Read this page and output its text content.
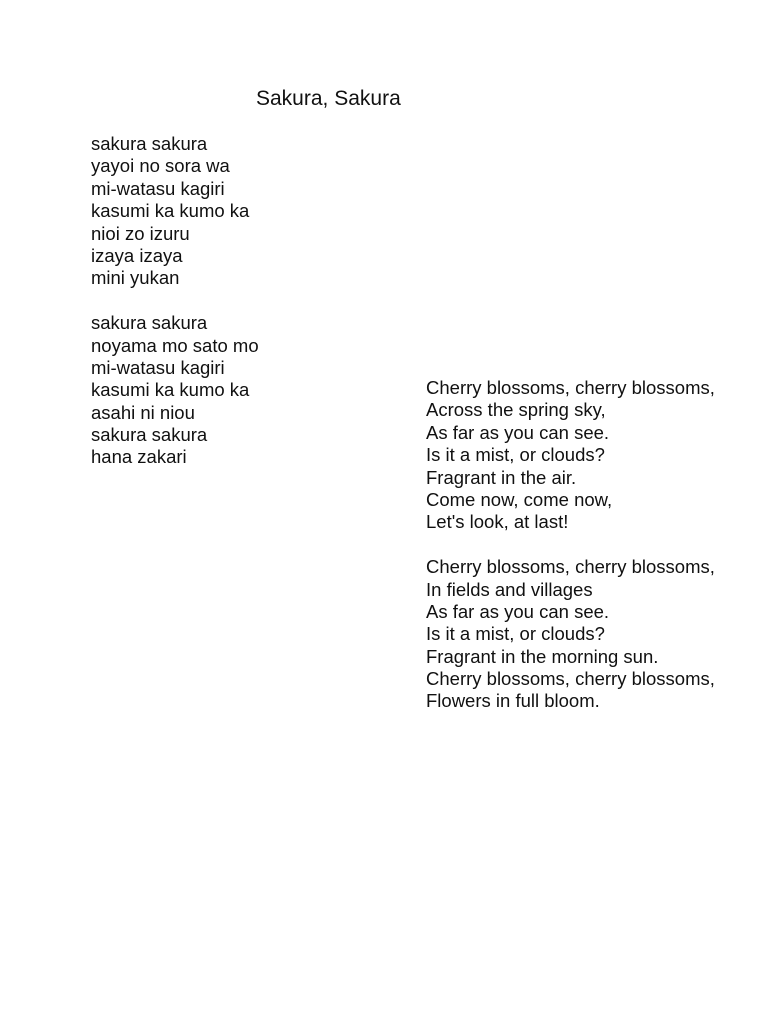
Sakura, Sakura
sakura sakura
yayoi no sora wa
mi-watasu kagiri
kasumi ka kumo ka
nioi zo izuru
izaya izaya
mini yukan
sakura sakura
noyama mo sato mo
mi-watasu kagiri
kasumi ka kumo ka
asahi ni niou
sakura sakura
hana zakari
Cherry blossoms, cherry blossoms,
Across the spring sky,
As far as you can see.
Is it a mist, or clouds?
Fragrant in the air.
Come now, come now,
Let's look, at last!
Cherry blossoms, cherry blossoms,
In fields and villages
As far as you can see.
Is it a mist, or clouds?
Fragrant in the morning sun.
Cherry blossoms, cherry blossoms,
Flowers in full bloom.
